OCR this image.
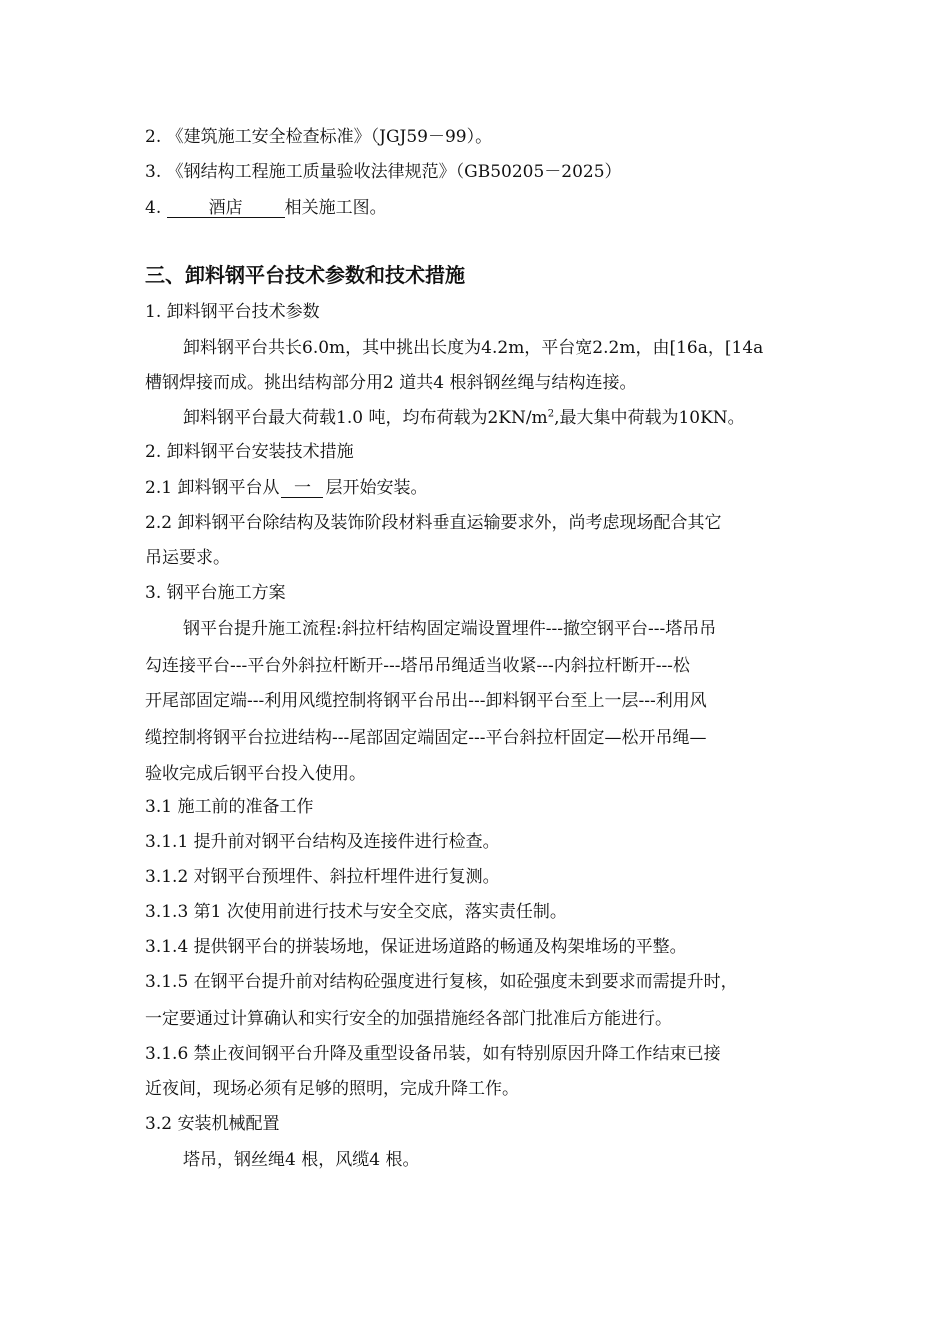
2. 《建筑施工安全检查标准》（JGJ59－99）。
3. 《钢结构工程施工质量验收法律规范》（GB50205－2025）
4.	酒店 相关施工图。
三、卸料钢平台技术参数和技术措施
1. 卸料钢平台技术参数
卸料钢平台共长6.0m，其中挑出长度为4.2m，平台宽2.2m，由[16a，[14a
槽钢焊接而成。挑出结构部分用2 道共4 根斜钢丝绳与结构连接。
卸料钢平台最大荷载1.0 吨，均布荷载为$2KN/m^2$,最大集中荷载为10KN。
2. 卸料钢平台安装技术措施
2.1 卸料钢平台从 一 层开始安装。
2.2 卸料钢平台除结构及装饰阶段材料垂直运输要求外，尚考虑现场配合其它
吊运要求。
3. 钢平台施工方案
钢平台提升施工流程:斜拉杆结构固定端设置埋件---撤空钢平台---塔吊吊
勾连接平台---平台外斜拉杆断开---塔吊吊绳适当收紧---内斜拉杆断开---松
开尾部固定端---利用风缆控制将钢平台吊出---卸料钢平台至上一层---利用风
缆控制将钢平台拉进结构---尾部固定端固定---平台斜拉杆固定—松开吊绳—
验收完成后钢平台投入使用。
3.1 施工前的准备工作
3.1.1 提升前对钢平台结构及连接件进行检查。
3.1.2 对钢平台预埋件、斜拉杆埋件进行复测。
3.1.3 第1 次使用前进行技术与安全交底，落实责任制。
3.1.4 提供钢平台的拼装场地，保证进场道路的畅通及构架堆场的平整。
3.1.5 在钢平台提升前对结构砼强度进行复核，如砼强度未到要求而需提升时，
一定要通过计算确认和实行安全的加强措施经各部门批准后方能进行。
3.1.6 禁止夜间钢平台升降及重型设备吊装，如有特别原因升降工作结束已接
近夜间，现场必须有足够的照明，完成升降工作。
3.2 安装机械配置
塔吊，钢丝绳4 根，风缆4 根。
